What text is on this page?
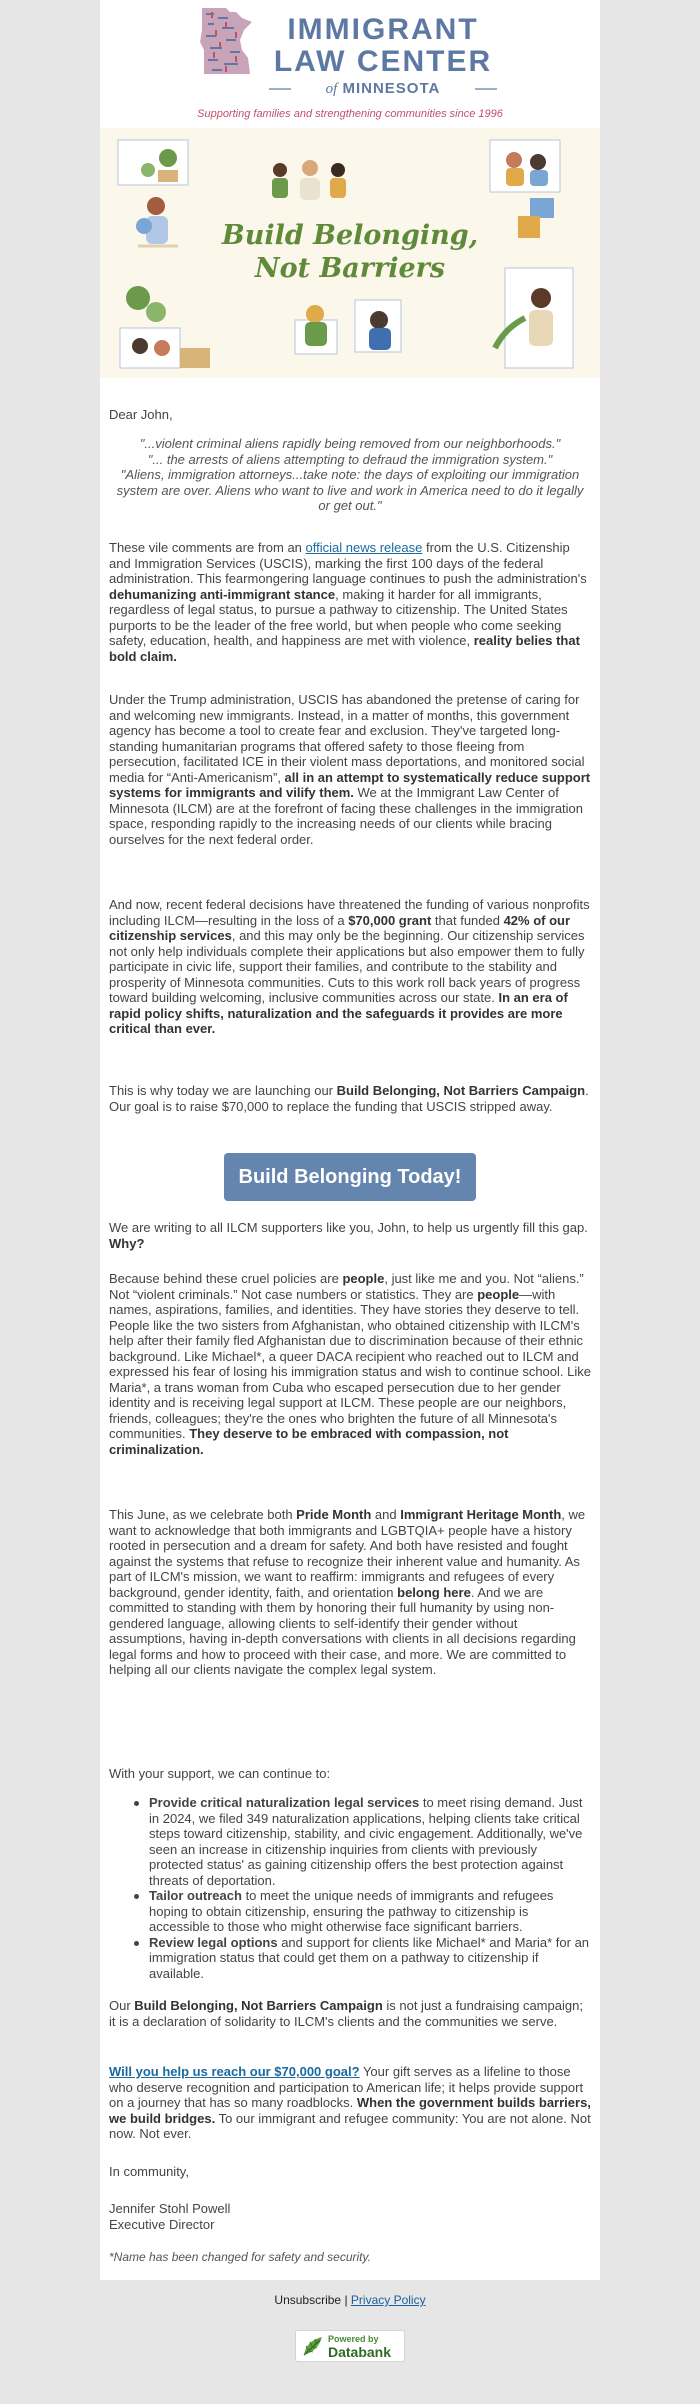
IMMIGRANT
LAW CENTER
of MINNESOTA
Supporting families and strengthening communities since 1996
Build Belonging,
Not Barriers
Dear John,
"...violent criminal aliens rapidly being removed from our neighborhoods."
"... the arrests of aliens attempting to defraud the immigration system."
"Aliens, immigration attorneys...take note: the days of exploiting our immigration system are over. Aliens who want to live and work in America need to do it legally or get out."
These vile comments are from an official news release from the U.S. Citizenship and Immigration Services (USCIS), marking the first 100 days of the federal administration. This fearmongering language continues to push the administration's dehumanizing anti-immigrant stance, making it harder for all immigrants, regardless of legal status, to pursue a pathway to citizenship. The United States purports to be the leader of the free world, but when people who come seeking safety, education, health, and happiness are met with violence, reality belies that bold claim.
Under the Trump administration, USCIS has abandoned the pretense of caring for and welcoming new immigrants. Instead, in a matter of months, this government agency has become a tool to create fear and exclusion. They've targeted long-standing humanitarian programs that offered safety to those fleeing from persecution, facilitated ICE in their violent mass deportations, and monitored social media for “Anti-Americanism”, all in an attempt to systematically reduce support systems for immigrants and vilify them. We at the Immigrant Law Center of Minnesota (ILCM) are at the forefront of facing these challenges in the immigration space, responding rapidly to the increasing needs of our clients while bracing ourselves for the next federal order.
And now, recent federal decisions have threatened the funding of various nonprofits including ILCM—resulting in the loss of a $70,000 grant that funded 42% of our citizenship services, and this may only be the beginning. Our citizenship services not only help individuals complete their applications but also empower them to fully participate in civic life, support their families, and contribute to the stability and prosperity of Minnesota communities. Cuts to this work roll back years of progress toward building welcoming, inclusive communities across our state. In an era of rapid policy shifts, naturalization and the safeguards it provides are more critical than ever.
This is why today we are launching our Build Belonging, Not Barriers Campaign. Our goal is to raise $70,000 to replace the funding that USCIS stripped away.
Build Belonging Today!
We are writing to all ILCM supporters like you, John, to help us urgently fill this gap. Why?
Because behind these cruel policies are people, just like me and you. Not “aliens.” Not “violent criminals.” Not case numbers or statistics. They are people—with names, aspirations, families, and identities. They have stories they deserve to tell. People like the two sisters from Afghanistan, who obtained citizenship with ILCM's help after their family fled Afghanistan due to discrimination because of their ethnic background. Like Michael*, a queer DACA recipient who reached out to ILCM and expressed his fear of losing his immigration status and wish to continue school. Like Maria*, a trans woman from Cuba who escaped persecution due to her gender identity and is receiving legal support at ILCM. These people are our neighbors, friends, colleagues; they're the ones who brighten the future of all Minnesota's communities. They deserve to be embraced with compassion, not criminalization.
This June, as we celebrate both Pride Month and Immigrant Heritage Month, we want to acknowledge that both immigrants and LGBTQIA+ people have a history rooted in persecution and a dream for safety. And both have resisted and fought against the systems that refuse to recognize their inherent value and humanity. As part of ILCM's mission, we want to reaffirm: immigrants and refugees of every background, gender identity, faith, and orientation belong here. And we are committed to standing with them by honoring their full humanity by using non-gendered language, allowing clients to self-identify their gender without assumptions, having in-depth conversations with clients in all decisions regarding legal forms and how to proceed with their case, and more. We are committed to helping all our clients navigate the complex legal system.
With your support, we can continue to:
Provide critical naturalization legal services to meet rising demand. Just in 2024, we filed 349 naturalization applications, helping clients take critical steps toward citizenship, stability, and civic engagement. Additionally, we've seen an increase in citizenship inquiries from clients with previously protected status' as gaining citizenship offers the best protection against threats of deportation.
Tailor outreach to meet the unique needs of immigrants and refugees hoping to obtain citizenship, ensuring the pathway to citizenship is accessible to those who might otherwise face significant barriers.
Review legal options and support for clients like Michael* and Maria* for an immigration status that could get them on a pathway to citizenship if available.
Our Build Belonging, Not Barriers Campaign is not just a fundraising campaign; it is a declaration of solidarity to ILCM's clients and the communities we serve.
Will you help us reach our $70,000 goal? Your gift serves as a lifeline to those who deserve recognition and participation to American life; it helps provide support on a journey that has so many roadblocks. When the government builds barriers, we build bridges. To our immigrant and refugee community: You are not alone. Not now. Not ever.
In community,
Jennifer Stohl Powell
Executive Director
*Name has been changed for safety and security.
Unsubscribe | Privacy Policy
Powered by
Databank
